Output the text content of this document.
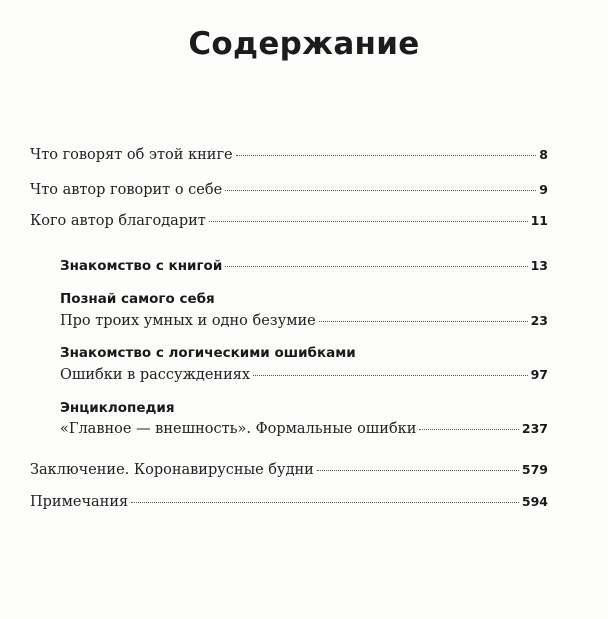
Содержание
Что говорят об этой книге	8
Что автор говорит о себе	9
Кого автор благодарит	11
Знакомство с книгой	13
Познай самого себя
Про троих умных и одно безумие	23
Знакомство с логическими ошибками
Ошибки в рассуждениях	97
Энциклопедия
«Главное — внешность». Формальные ошибки	237
Заключение. Коронавирусные будни	579
Примечания	594
